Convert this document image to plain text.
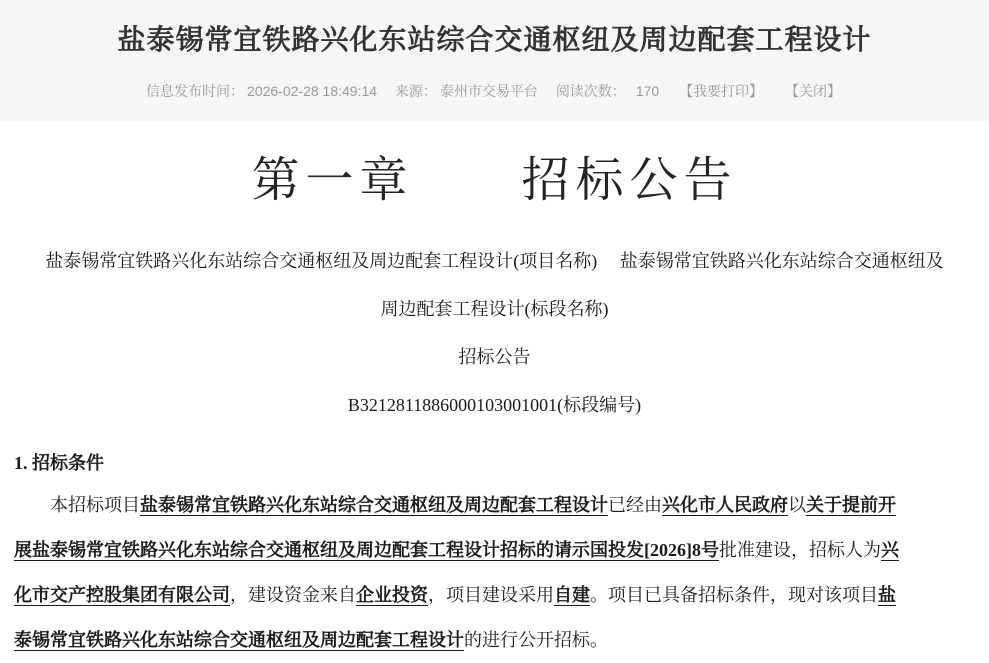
盐泰锡常宜铁路兴化东站综合交通枢纽及周边配套工程设计
信息发布时间： 2026-02-28 18:49:14 来源： 泰州市交易平台 阅读次数： 170 【我要打印】 【关闭】
第一章　　招标公告

盐泰锡常宜铁路兴化东站综合交通枢纽及周边配套工程设计(项目名称)　 盐泰锡常宜铁路兴化东站综合交通枢纽及周边配套工程设计(标段名称)

招标公告

B3212811886000103001001(标段编号)

1. 招标条件

本招标项目盐泰锡常宜铁路兴化东站综合交通枢纽及周边配套工程设计已经由兴化市人民政府以关于提前开展盐泰锡常宜铁路兴化东站综合交通枢纽及周边配套工程设计招标的请示国投发[2026]8号批准建设，招标人为兴化市交产控股集团有限公司，建设资金来自企业投资，项目建设采用自建。项目已具备招标条件，现对该项目盐泰锡常宜铁路兴化东站综合交通枢纽及周边配套工程设计的进行公开招标。
